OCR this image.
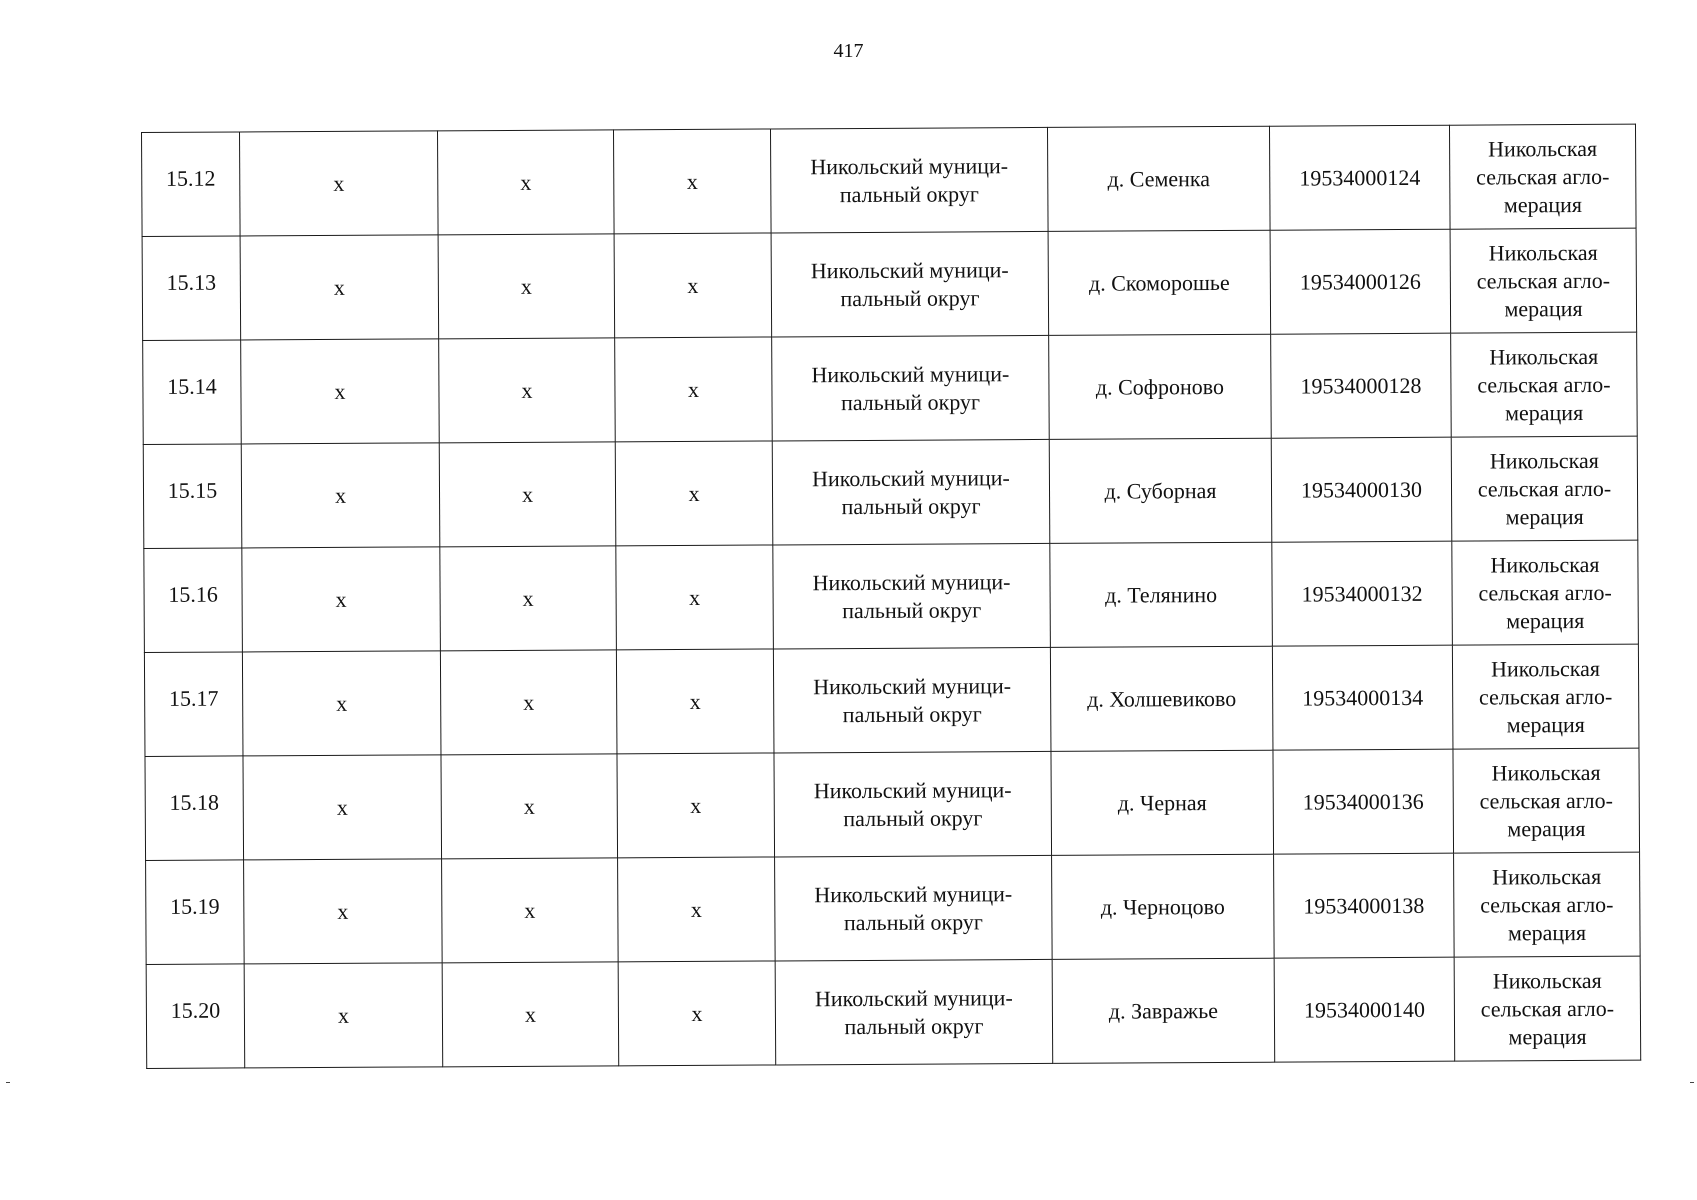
417
15.12	x	x	x	Никольский муници-
пальный округ	д. Семенка	19534000124	Никольская
сельская агло-
мерация
15.13	x	x	x	Никольский муници-
пальный округ	д. Скоморошье	19534000126	Никольская
сельская агло-
мерация
15.14	x	x	x	Никольский муници-
пальный округ	д. Софроново	19534000128	Никольская
сельская агло-
мерация
15.15	x	x	x	Никольский муници-
пальный округ	д. Суборная	19534000130	Никольская
сельская агло-
мерация
15.16	x	x	x	Никольский муници-
пальный округ	д. Телянино	19534000132	Никольская
сельская агло-
мерация
15.17	x	x	x	Никольский муници-
пальный округ	д. Холшевиково	19534000134	Никольская
сельская агло-
мерация
15.18	x	x	x	Никольский муници-
пальный округ	д. Черная	19534000136	Никольская
сельская агло-
мерация
15.19	x	x	x	Никольский муници-
пальный округ	д. Черноцово	19534000138	Никольская
сельская агло-
мерация
15.20	x	x	x	Никольский муници-
пальный округ	д. Завражье	19534000140	Никольская
сельская агло-
мерация
